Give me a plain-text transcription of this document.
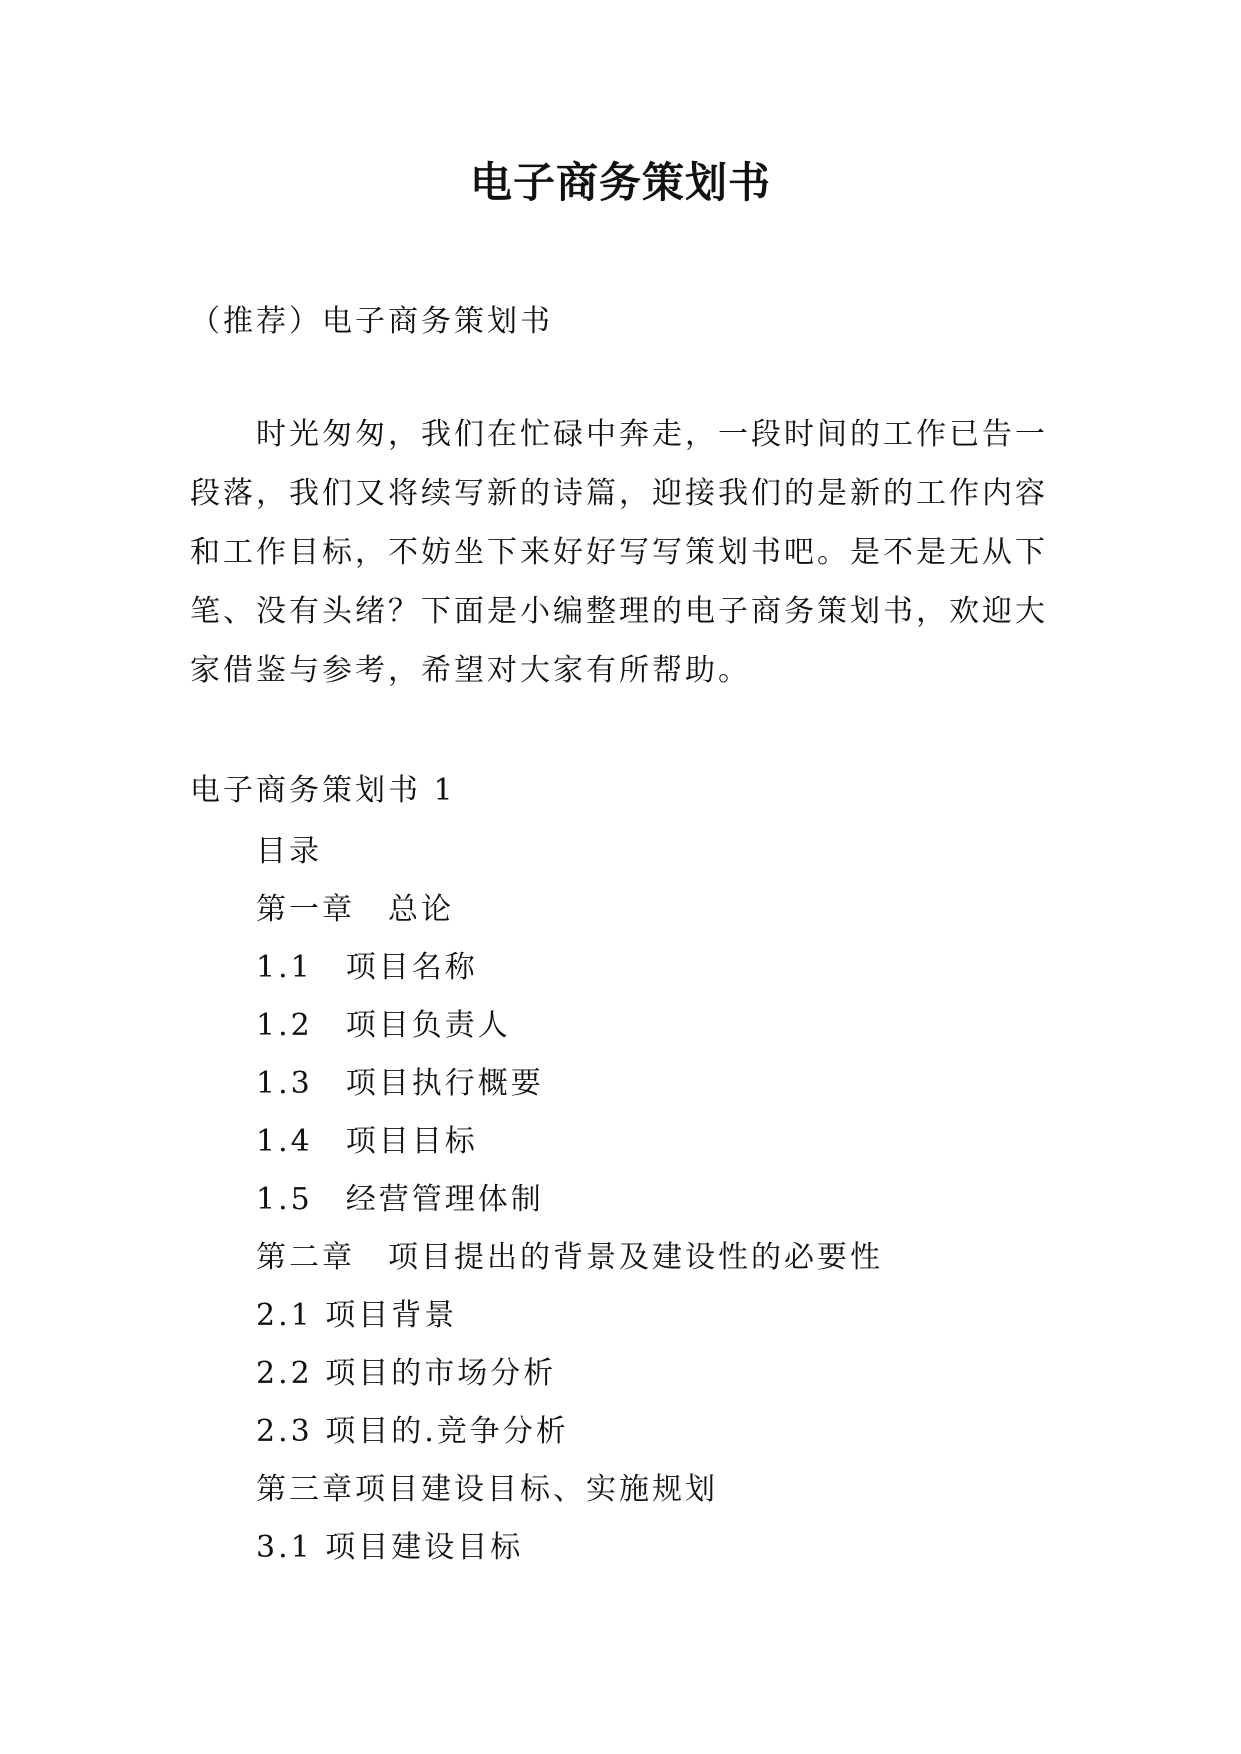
电子商务策划书
（推荐）电子商务策划书

时光匆匆，我们在忙碌中奔走，一段时间的工作已告一段落，我们又将续写新的诗篇，迎接我们的是新的工作内容和工作目标，不妨坐下来好好写写策划书吧。是不是无从下笔、没有头绪？下面是小编整理的电子商务策划书，欢迎大家借鉴与参考，希望对大家有所帮助。

电子商务策划书 1
目录
第一章　总论
1.1　项目名称
1.2　项目负责人
1.3　项目执行概要
1.4　项目目标
1.5　经营管理体制
第二章　项目提出的背景及建设性的必要性
2.1 项目背景
2.2 项目的市场分析
2.3 项目的.竞争分析
第三章项目建设目标、实施规划
3.1 项目建设目标
